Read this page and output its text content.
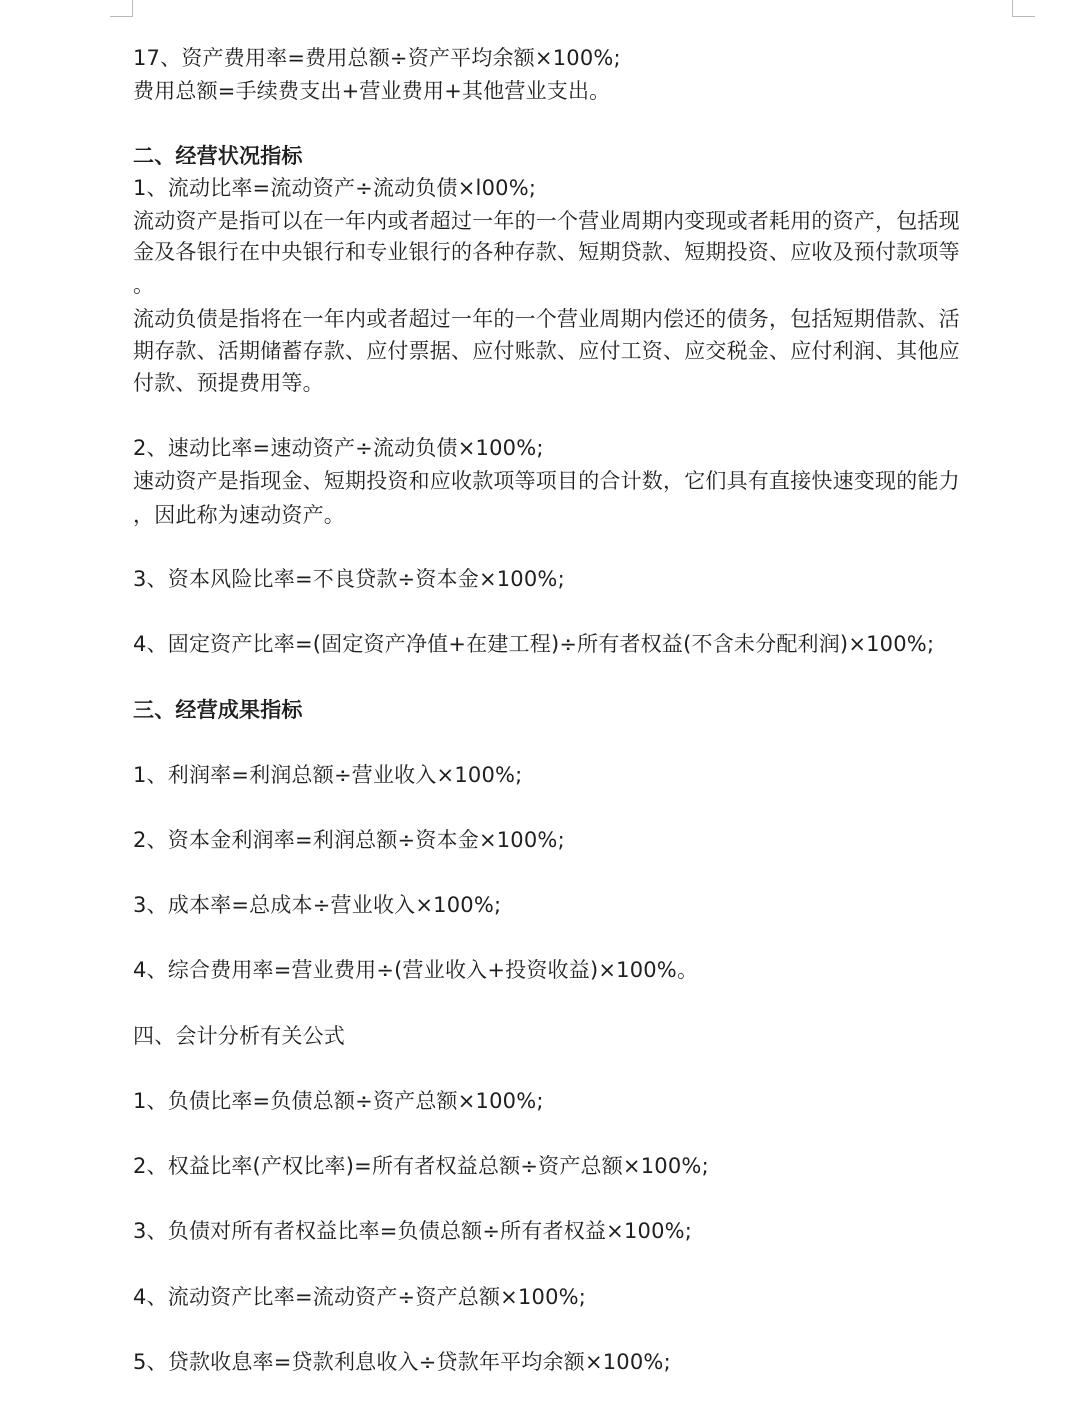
17、资产费用率=费用总额÷资产平均余额×100%;
费用总额=手续费支出+营业费用+其他营业支出。
二、经营状况指标
1、流动比率=流动资产÷流动负债×l00%;
流动资产是指可以在一年内或者超过一年的一个营业周期内变现或者耗用的资产，包括现
金及各银行在中央银行和专业银行的各种存款、短期贷款、短期投资、应收及预付款项等
。
流动负债是指将在一年内或者超过一年的一个营业周期内偿还的债务，包括短期借款、活
期存款、活期储蓄存款、应付票据、应付账款、应付工资、应交税金、应付利润、其他应
付款、预提费用等。
2、速动比率=速动资产÷流动负债×100%;
速动资产是指现金、短期投资和应收款项等项目的合计数，它们具有直接快速变现的能力
，因此称为速动资产。
3、资本风险比率=不良贷款÷资本金×100%;
4、固定资产比率=(固定资产净值+在建工程)÷所有者权益(不含未分配利润)×100%;
三、经营成果指标
1、利润率=利润总额÷营业收入×100%;
2、资本金利润率=利润总额÷资本金×100%;
3、成本率=总成本÷营业收入×100%;
4、综合费用率=营业费用÷(营业收入+投资收益)×100%。
四、会计分析有关公式
1、负债比率=负债总额÷资产总额×100%;
2、权益比率(产权比率)=所有者权益总额÷资产总额×100%;
3、负债对所有者权益比率=负债总额÷所有者权益×100%;
4、流动资产比率=流动资产÷资产总额×100%;
5、贷款收息率=贷款利息收入÷贷款年平均余额×100%;
